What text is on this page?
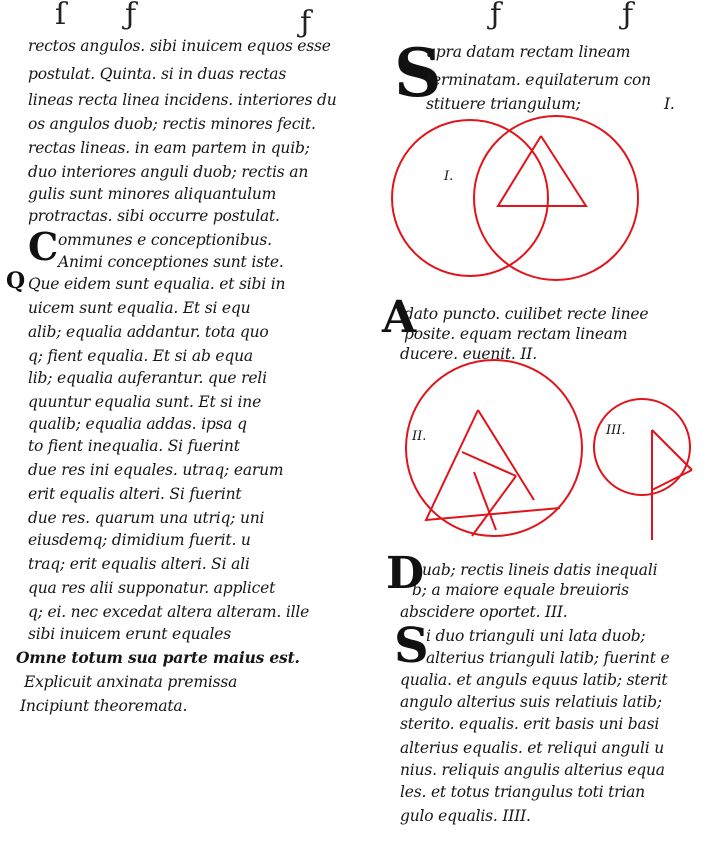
ſ ƒ	ƒ	ƒ	ƒ
rectos angulos. sibi inuicem equos esse
postulat. Quinta. si in duas rectas
lineas recta linea incidens. interiores du
os angulos duob; rectis minores fecit.
rectas lineas. in eam partem in quib;
duo interiores anguli duob; rectis an
gulis sunt minores aliquantulum
protractas. sibi occurre postulat.
C ommunes e conceptionibus.
Animi conceptiones sunt iste.
Q Que eidem sunt equalia. et sibi in
uicem sunt equalia. Et si equ
alib; equalia addantur. tota quo
q; fient equalia. Et si ab equa
lib; equalia auferantur. que reli
quuntur equalia sunt. Et si ine
qualib; equalia addas. ipsa q
to fient inequalia. Si fuerint
due res ini equales. utraq; earum
erit equalis alteri. Si fuerint
due res. quarum una utriq; uni
eiusdemq; dimidium fuerit. u
traq; erit equalis alteri. Si ali
qua res alii supponatur. applicet
q; ei. nec excedat altera alteram. ille
sibi inuicem erunt equales
Omne totum sua parte maius est.
Explicuit anxinata premissa
Incipiunt theoremata.
S
upra datam rectam lineam
terminatam. equilaterum con
stituere triangulum;	I.
A
dato puncto. cuilibet recte linee
posite. equam rectam lineam
ducere. euenit. II.
D
uab; rectis lineis datis inequali
b; a maiore equale breuioris
abscidere oportet. III.
S
i duo trianguli uni lata duob;
alterius trianguli latib; fuerint e
qualia. et anguls equus latib; sterit
angulo alterius suis relatiuis latib;
sterito. equalis. erit basis uni basi
alterius equalis. et reliqui anguli u
nius. reliquis angulis alterius equa
les. et totus triangulus toti trian
gulo equalis. IIII.
I.
II.	III.
